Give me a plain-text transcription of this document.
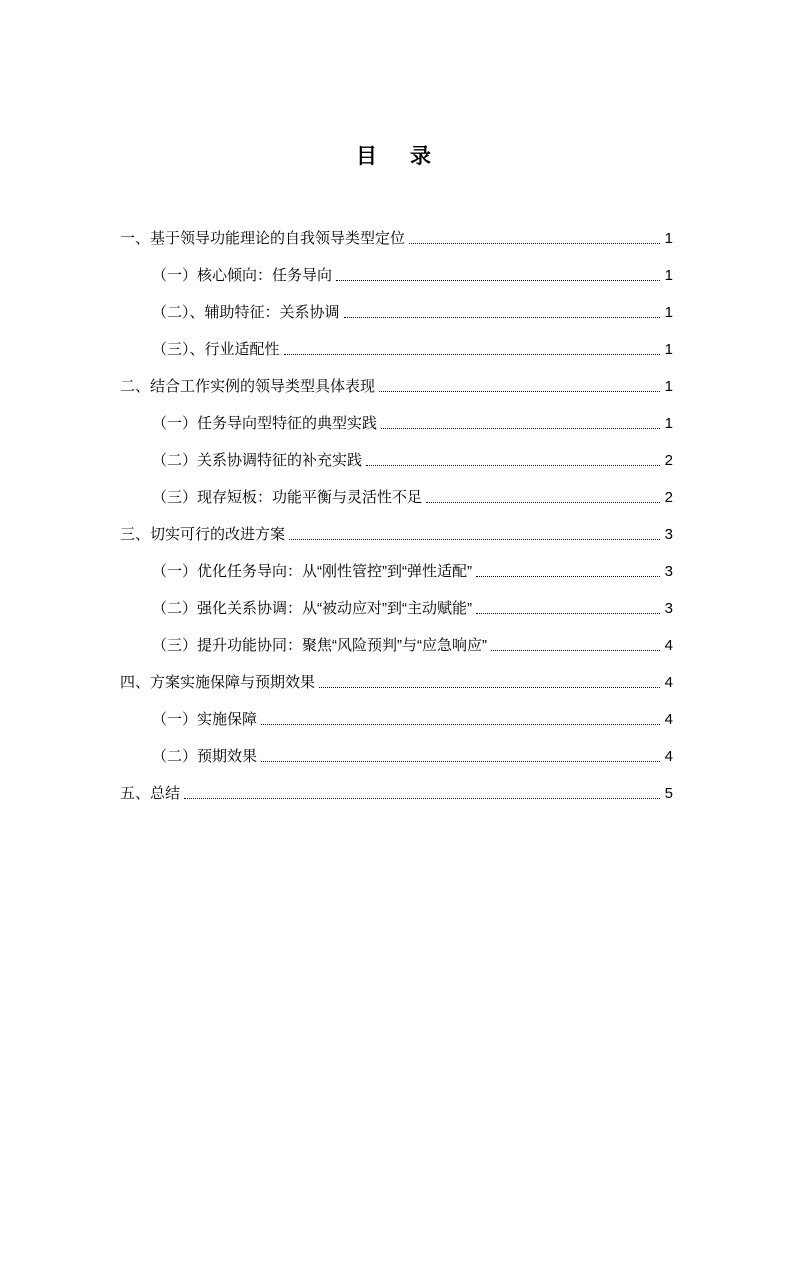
目　录
一、基于领导功能理论的自我领导类型定位	1
（一）核心倾向：任务导向	1
（二）、辅助特征：关系协调	1
（三）、行业适配性	1
二、结合工作实例的领导类型具体表现	1
（一）任务导向型特征的典型实践	1
（二）关系协调特征的补充实践	2
（三）现存短板：功能平衡与灵活性不足	2
三、切实可行的改进方案	3
（一）优化任务导向：从“刚性管控”到“弹性适配”	3
（二）强化关系协调：从“被动应对”到“主动赋能”	3
（三）提升功能协同：聚焦“风险预判”与“应急响应”	4
四、方案实施保障与预期效果	4
（一）实施保障	4
（二）预期效果	4
五、总结	5
